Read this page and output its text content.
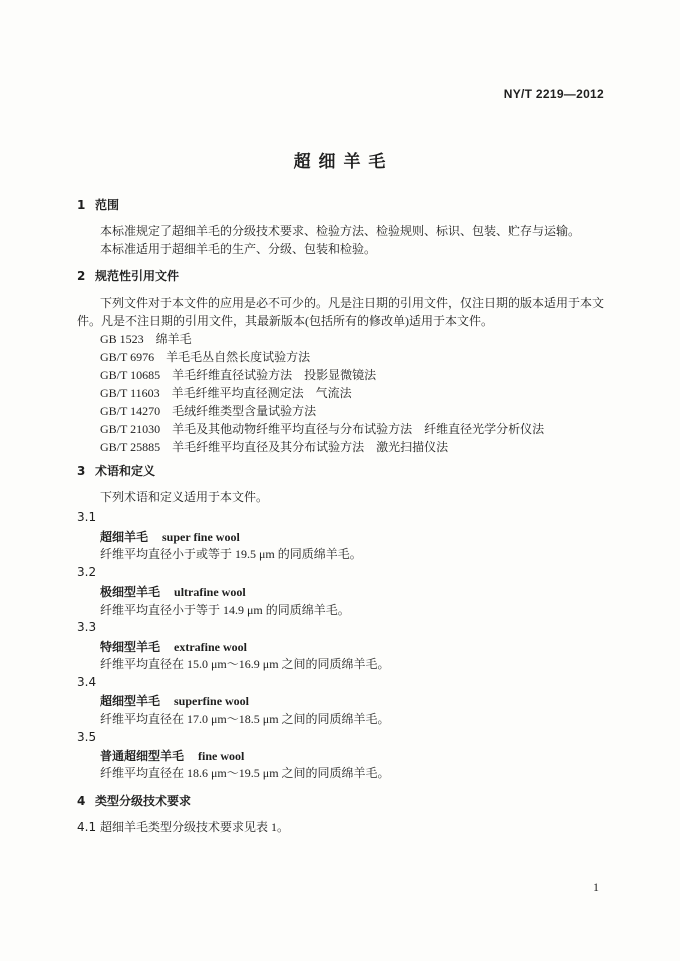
NY/T 2219—2012
超 细 羊 毛
1 范围
本标准规定了超细羊毛的分级技术要求、检验方法、检验规则、标识、包装、贮存与运输。
本标准适用于超细羊毛的生产、分级、包装和检验。
2 规范性引用文件
下列文件对于本文件的应用是必不可少的。凡是注日期的引用文件，仅注日期的版本适用于本文
件。凡是不注日期的引用文件，其最新版本(包括所有的修改单)适用于本文件。
GB 1523 绵羊毛
GB/T 6976 羊毛毛丛自然长度试验方法
GB/T 10685 羊毛纤维直径试验方法　投影显微镜法
GB/T 11603 羊毛纤维平均直径测定法　气流法
GB/T 14270 毛绒纤维类型含量试验方法
GB/T 21030 羊毛及其他动物纤维平均直径与分布试验方法　纤维直径光学分析仪法
GB/T 25885 羊毛纤维平均直径及其分布试验方法　激光扫描仪法
3 术语和定义
下列术语和定义适用于本文件。
3.1
超细羊毛 super fine wool
纤维平均直径小于或等于 19.5 μm 的同质绵羊毛。
3.2
极细型羊毛 ultrafine wool
纤维平均直径小于等于 14.9 μm 的同质绵羊毛。
3.3
特细型羊毛 extrafine wool
纤维平均直径在 15.0 μm～16.9 μm 之间的同质绵羊毛。
3.4
超细型羊毛 superfine wool
纤维平均直径在 17.0 μm～18.5 μm 之间的同质绵羊毛。
3.5
普通超细型羊毛 fine wool
纤维平均直径在 18.6 μm～19.5 μm 之间的同质绵羊毛。
4 类型分级技术要求
4.1 超细羊毛类型分级技术要求见表 1。
1
